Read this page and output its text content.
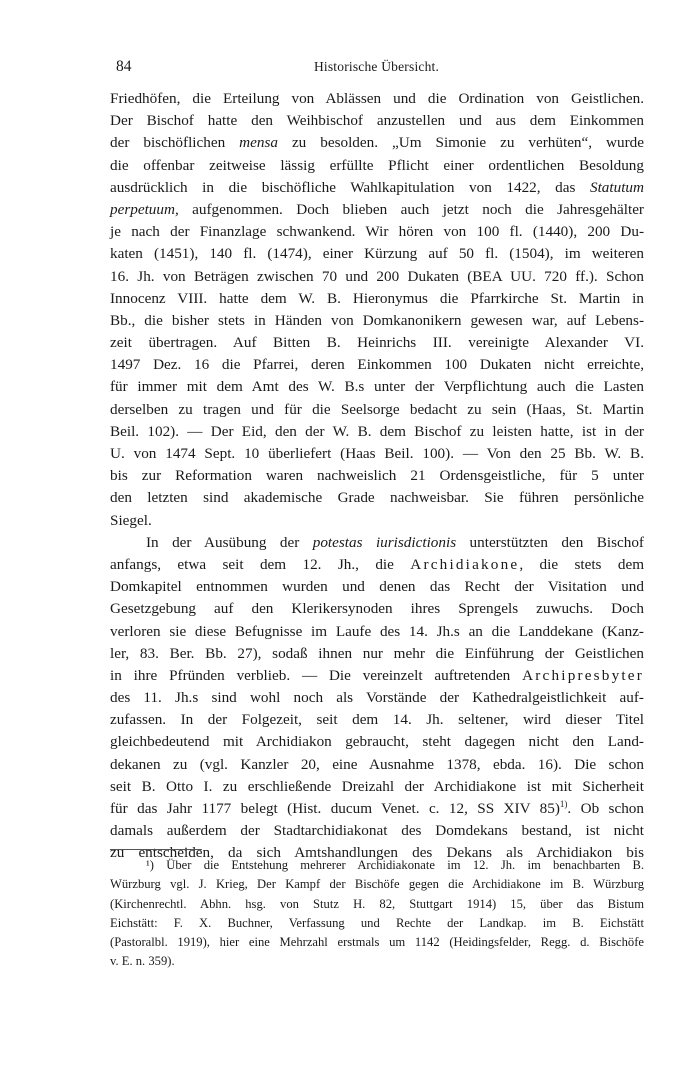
84	Historische Übersicht.
Friedhöfen, die Erteilung von Ablässen und die Ordination von Geistlichen.
Der Bischof hatte den Weihbischof anzustellen und aus dem Einkommen
der bischöflichen mensa zu besolden. „Um Simonie zu verhüten“, wurde
die offenbar zeitweise lässig erfüllte Pflicht einer ordentlichen Besoldung
ausdrücklich in die bischöfliche Wahlkapitulation von 1422, das Statutum
perpetuum, aufgenommen. Doch blieben auch jetzt noch die Jahresgehälter
je nach der Finanzlage schwankend. Wir hören von 100 fl. (1440), 200 Du-
katen (1451), 140 fl. (1474), einer Kürzung auf 50 fl. (1504), im weiteren
16. Jh. von Beträgen zwischen 70 und 200 Dukaten (BEA UU. 720 ff.). Schon
Innocenz VIII. hatte dem W. B. Hieronymus die Pfarrkirche St. Martin in
Bb., die bisher stets in Händen von Domkanonikern gewesen war, auf Lebens-
zeit übertragen. Auf Bitten B. Heinrichs III. vereinigte Alexander VI.
1497 Dez. 16 die Pfarrei, deren Einkommen 100 Dukaten nicht erreichte,
für immer mit dem Amt des W. B.s unter der Verpflichtung auch die Lasten
derselben zu tragen und für die Seelsorge bedacht zu sein (Haas, St. Martin
Beil. 102). — Der Eid, den der W. B. dem Bischof zu leisten hatte, ist in der
U. von 1474 Sept. 10 überliefert (Haas Beil. 100). — Von den 25 Bb. W. B.
bis zur Reformation waren nachweislich 21 Ordensgeistliche, für 5 unter
den letzten sind akademische Grade nachweisbar. Sie führen persönliche
Siegel.
In der Ausübung der potestas iurisdictionis unterstützten den Bischof
anfangs, etwa seit dem 12. Jh., die Archidiakone, die stets dem
Domkapitel entnommen wurden und denen das Recht der Visitation und
Gesetzgebung auf den Klerikersynoden ihres Sprengels zuwuchs. Doch
verloren sie diese Befugnisse im Laufe des 14. Jh.s an die Landdekane (Kanz-
ler, 83. Ber. Bb. 27), sodaß ihnen nur mehr die Einführung der Geistlichen
in ihre Pfründen verblieb. — Die vereinzelt auftretenden Archipresbyter
des 11. Jh.s sind wohl noch als Vorstände der Kathedralgeistlichkeit auf-
zufassen. In der Folgezeit, seit dem 14. Jh. seltener, wird dieser Titel
gleichbedeutend mit Archidiakon gebraucht, steht dagegen nicht den Land-
dekanen zu (vgl. Kanzler 20, eine Ausnahme 1378, ebda. 16). Die schon
seit B. Otto I. zu erschließende Dreizahl der Archidiakone ist mit Sicherheit
für das Jahr 1177 belegt (Hist. ducum Venet. c. 12, SS XIV 85)$^{1)}$. Ob schon
damals außerdem der Stadtarchidiakonat des Domdekans bestand, ist nicht
zu entscheiden, da sich Amtshandlungen des Dekans als Archidiakon bis
¹) Über die Entstehung mehrerer Archidiakonate im 12. Jh. im benachbarten B.
Würzburg vgl. J. Krieg, Der Kampf der Bischöfe gegen die Archidiakone im B. Würzburg
(Kirchenrechtl. Abhn. hsg. von Stutz H. 82, Stuttgart 1914) 15, über das Bistum
Eichstätt: F. X. Buchner, Verfassung und Rechte der Landkap. im B. Eichstätt
(Pastoralbl. 1919), hier eine Mehrzahl erstmals um 1142 (Heidingsfelder, Regg. d. Bischöfe
v. E. n. 359).
